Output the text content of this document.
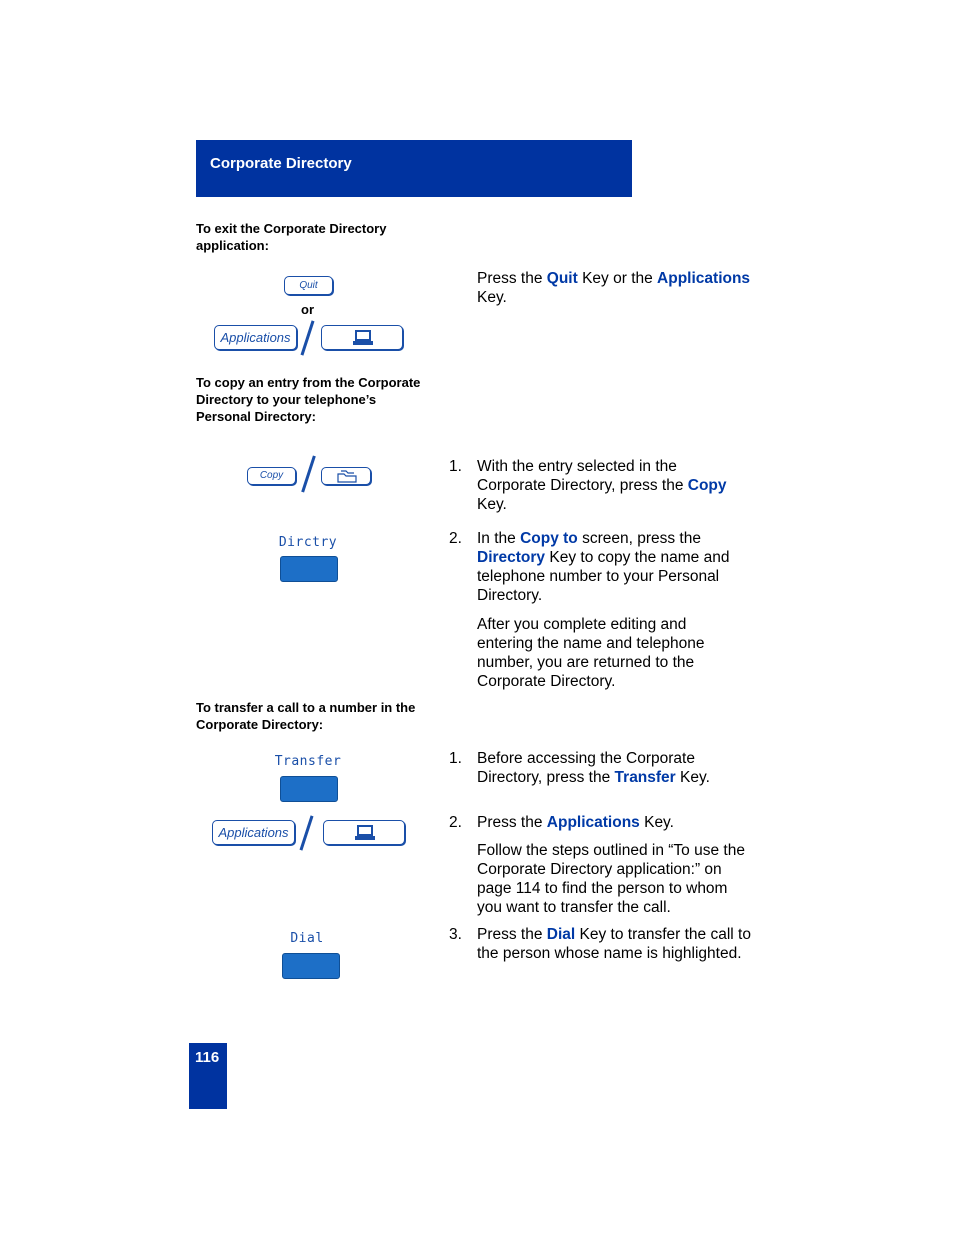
Corporate Directory
To exit the Corporate Directory
application:
Quit
or
Applications
Press the Quit Key or the Applications
Key.
To copy an entry from the Corporate
Directory to your telephone’s
Personal Directory:
Copy
Dirctry
1. With the entry selected in the
Corporate Directory, press the Copy
Key.
2. In the Copy to screen, press the
Directory Key to copy the name and
telephone number to your Personal
Directory.
After you complete editing and
entering the name and telephone
number, you are returned to the
Corporate Directory.
To transfer a call to a number in the
Corporate Directory:
Transfer
Applications
Dial
1. Before accessing the Corporate
Directory, press the Transfer Key.
2. Press the Applications Key.
Follow the steps outlined in “To use the
Corporate Directory application:” on
page 114 to find the person to whom
you want to transfer the call.
3. Press the Dial Key to transfer the call to
the person whose name is highlighted.
116
